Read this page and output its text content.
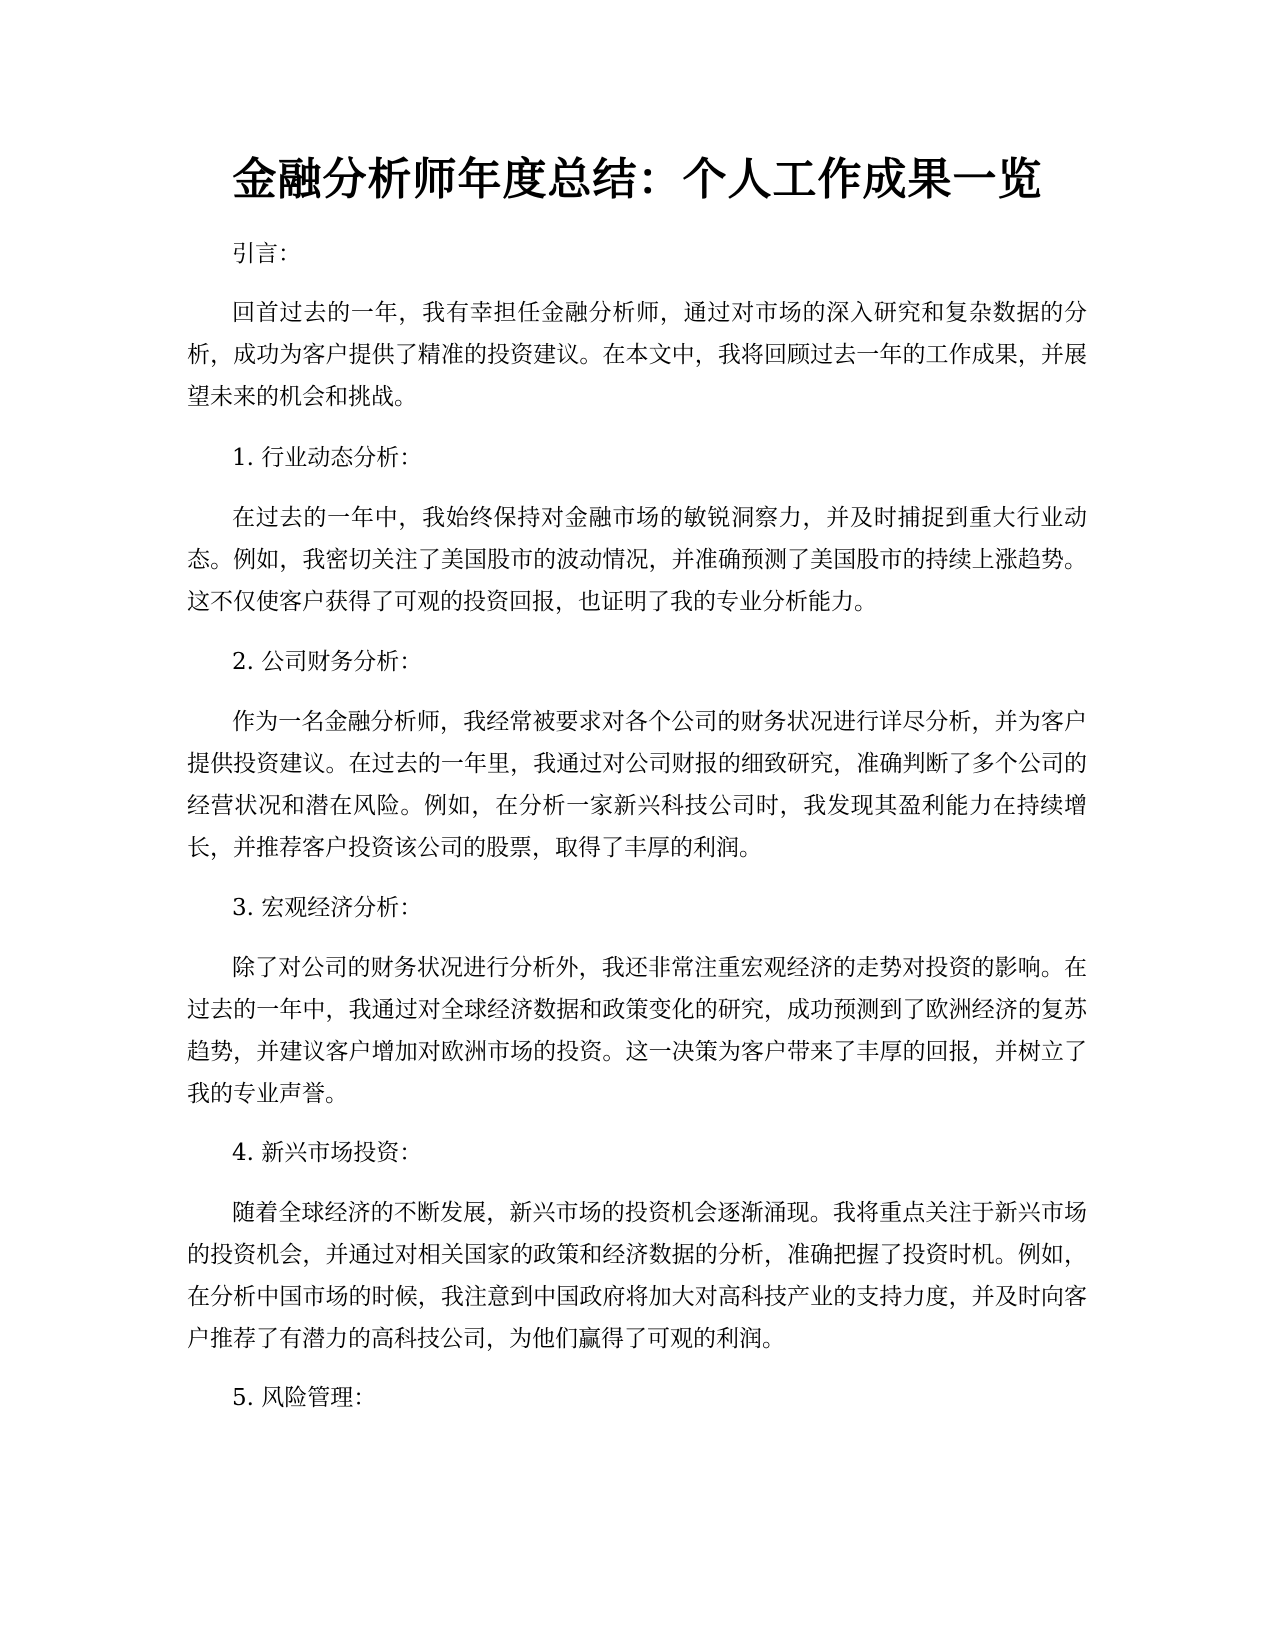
金融分析师年度总结：个人工作成果一览

引言：

回首过去的一年，我有幸担任金融分析师，通过对市场的深入研究和复杂数据的分析，成功为客户提供了精准的投资建议。在本文中，我将回顾过去一年的工作成果，并展望未来的机会和挑战。

1. 行业动态分析：

在过去的一年中，我始终保持对金融市场的敏锐洞察力，并及时捕捉到重大行业动态。例如，我密切关注了美国股市的波动情况，并准确预测了美国股市的持续上涨趋势。这不仅使客户获得了可观的投资回报，也证明了我的专业分析能力。

2. 公司财务分析：

作为一名金融分析师，我经常被要求对各个公司的财务状况进行详尽分析，并为客户提供投资建议。在过去的一年里，我通过对公司财报的细致研究，准确判断了多个公司的经营状况和潜在风险。例如，在分析一家新兴科技公司时，我发现其盈利能力在持续增长，并推荐客户投资该公司的股票，取得了丰厚的利润。

3. 宏观经济分析：

除了对公司的财务状况进行分析外，我还非常注重宏观经济的走势对投资的影响。在过去的一年中，我通过对全球经济数据和政策变化的研究，成功预测到了欧洲经济的复苏趋势，并建议客户增加对欧洲市场的投资。这一决策为客户带来了丰厚的回报，并树立了我的专业声誉。

4. 新兴市场投资：

随着全球经济的不断发展，新兴市场的投资机会逐渐涌现。我将重点关注于新兴市场的投资机会，并通过对相关国家的政策和经济数据的分析，准确把握了投资时机。例如，在分析中国市场的时候，我注意到中国政府将加大对高科技产业的支持力度，并及时向客户推荐了有潜力的高科技公司，为他们赢得了可观的利润。

5. 风险管理：
